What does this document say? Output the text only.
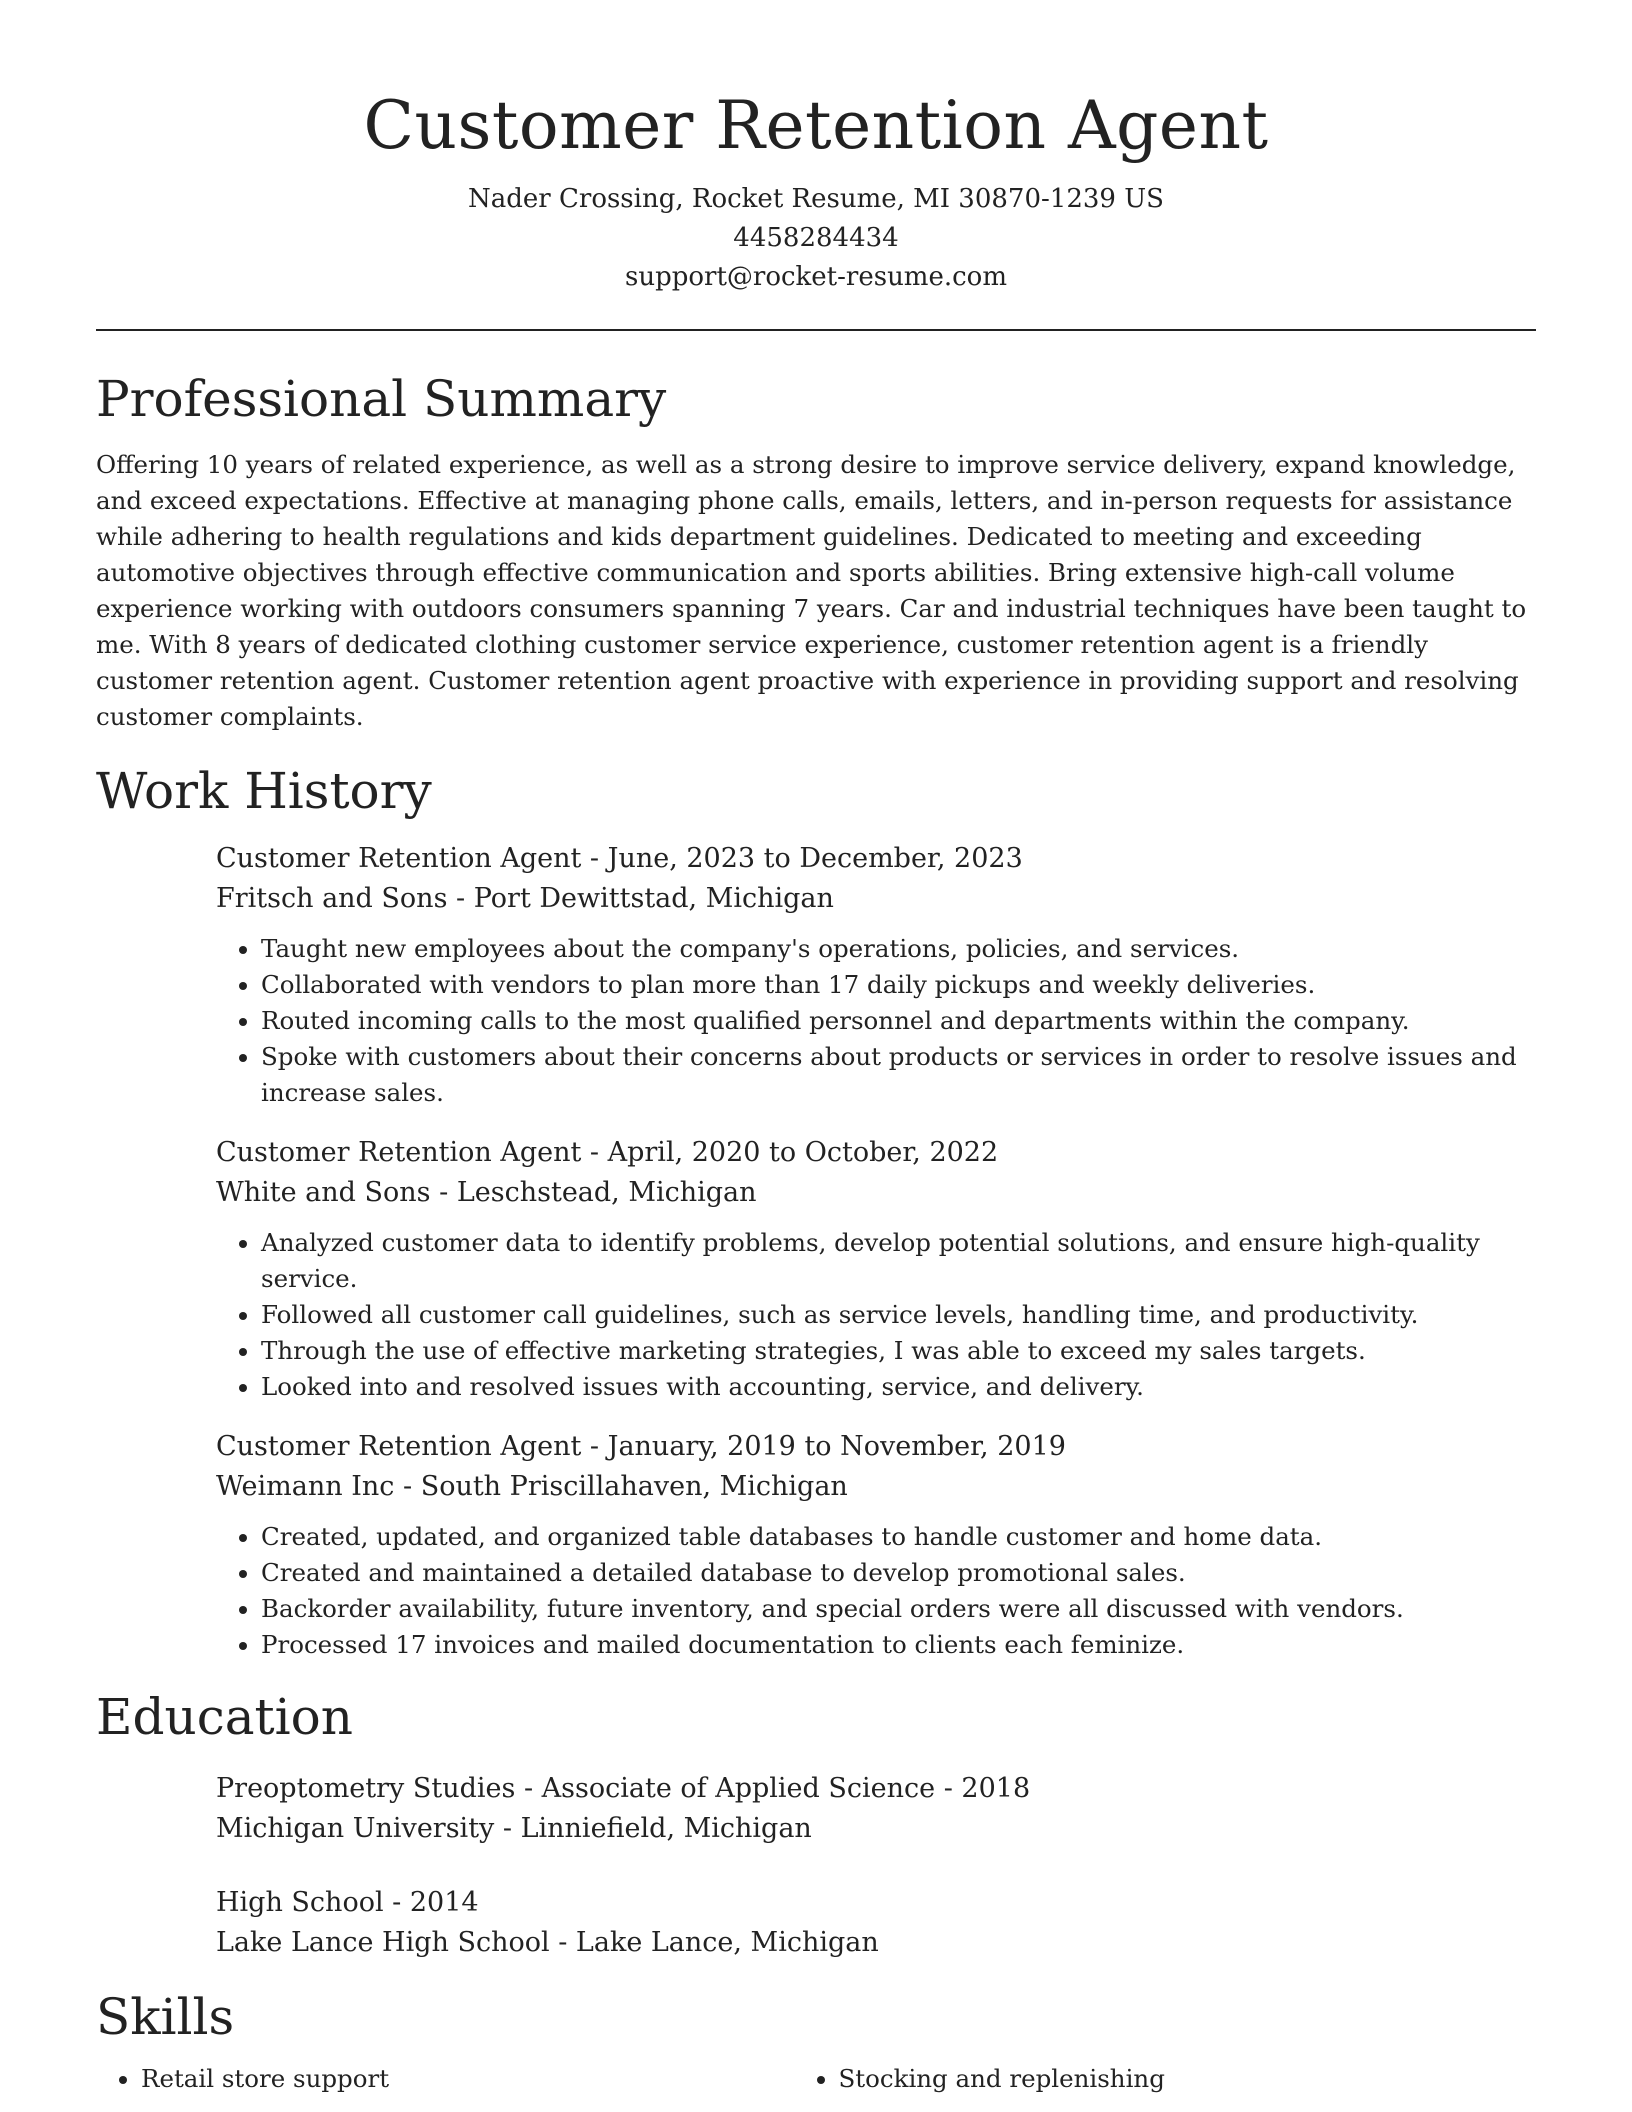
Customer Retention Agent
Nader Crossing, Rocket Resume, MI 30870-1239 US
4458284434
support@rocket-resume.com
Professional Summary

Offering 10 years of related experience, as well as a strong desire to improve service delivery, expand knowledge, and exceed expectations. Effective at managing phone calls, emails, letters, and in-person requests for assistance while adhering to health regulations and kids department guidelines. Dedicated to meeting and exceeding automotive objectives through effective communication and sports abilities. Bring extensive high-call volume experience working with outdoors consumers spanning 7 years. Car and industrial techniques have been taught to me. With 8 years of dedicated clothing customer service experience, customer retention agent is a friendly customer retention agent. Customer retention agent proactive with experience in providing support and resolving customer complaints.

Work History
Customer Retention Agent - June, 2023 to December, 2023
Fritsch and Sons - Port Dewittstad, Michigan
• Taught new employees about the company's operations, policies, and services.
• Collaborated with vendors to plan more than 17 daily pickups and weekly deliveries.
• Routed incoming calls to the most qualified personnel and departments within the company.
• Spoke with customers about their concerns about products or services in order to resolve issues and increase sales.
Customer Retention Agent - April, 2020 to October, 2022
White and Sons - Leschstead, Michigan
• Analyzed customer data to identify problems, develop potential solutions, and ensure high-quality service.
• Followed all customer call guidelines, such as service levels, handling time, and productivity.
• Through the use of effective marketing strategies, I was able to exceed my sales targets.
• Looked into and resolved issues with accounting, service, and delivery.
Customer Retention Agent - January, 2019 to November, 2019
Weimann Inc - South Priscillahaven, Michigan
• Created, updated, and organized table databases to handle customer and home data.
• Created and maintained a detailed database to develop promotional sales.
• Backorder availability, future inventory, and special orders were all discussed with vendors.
• Processed 17 invoices and mailed documentation to clients each feminize.
Education
Preoptometry Studies - Associate of Applied Science - 2018
Michigan University - Linniefield, Michigan
High School - 2014
Lake Lance High School - Lake Lance, Michigan
Skills
• Retail store support
•	Stocking and replenishing
